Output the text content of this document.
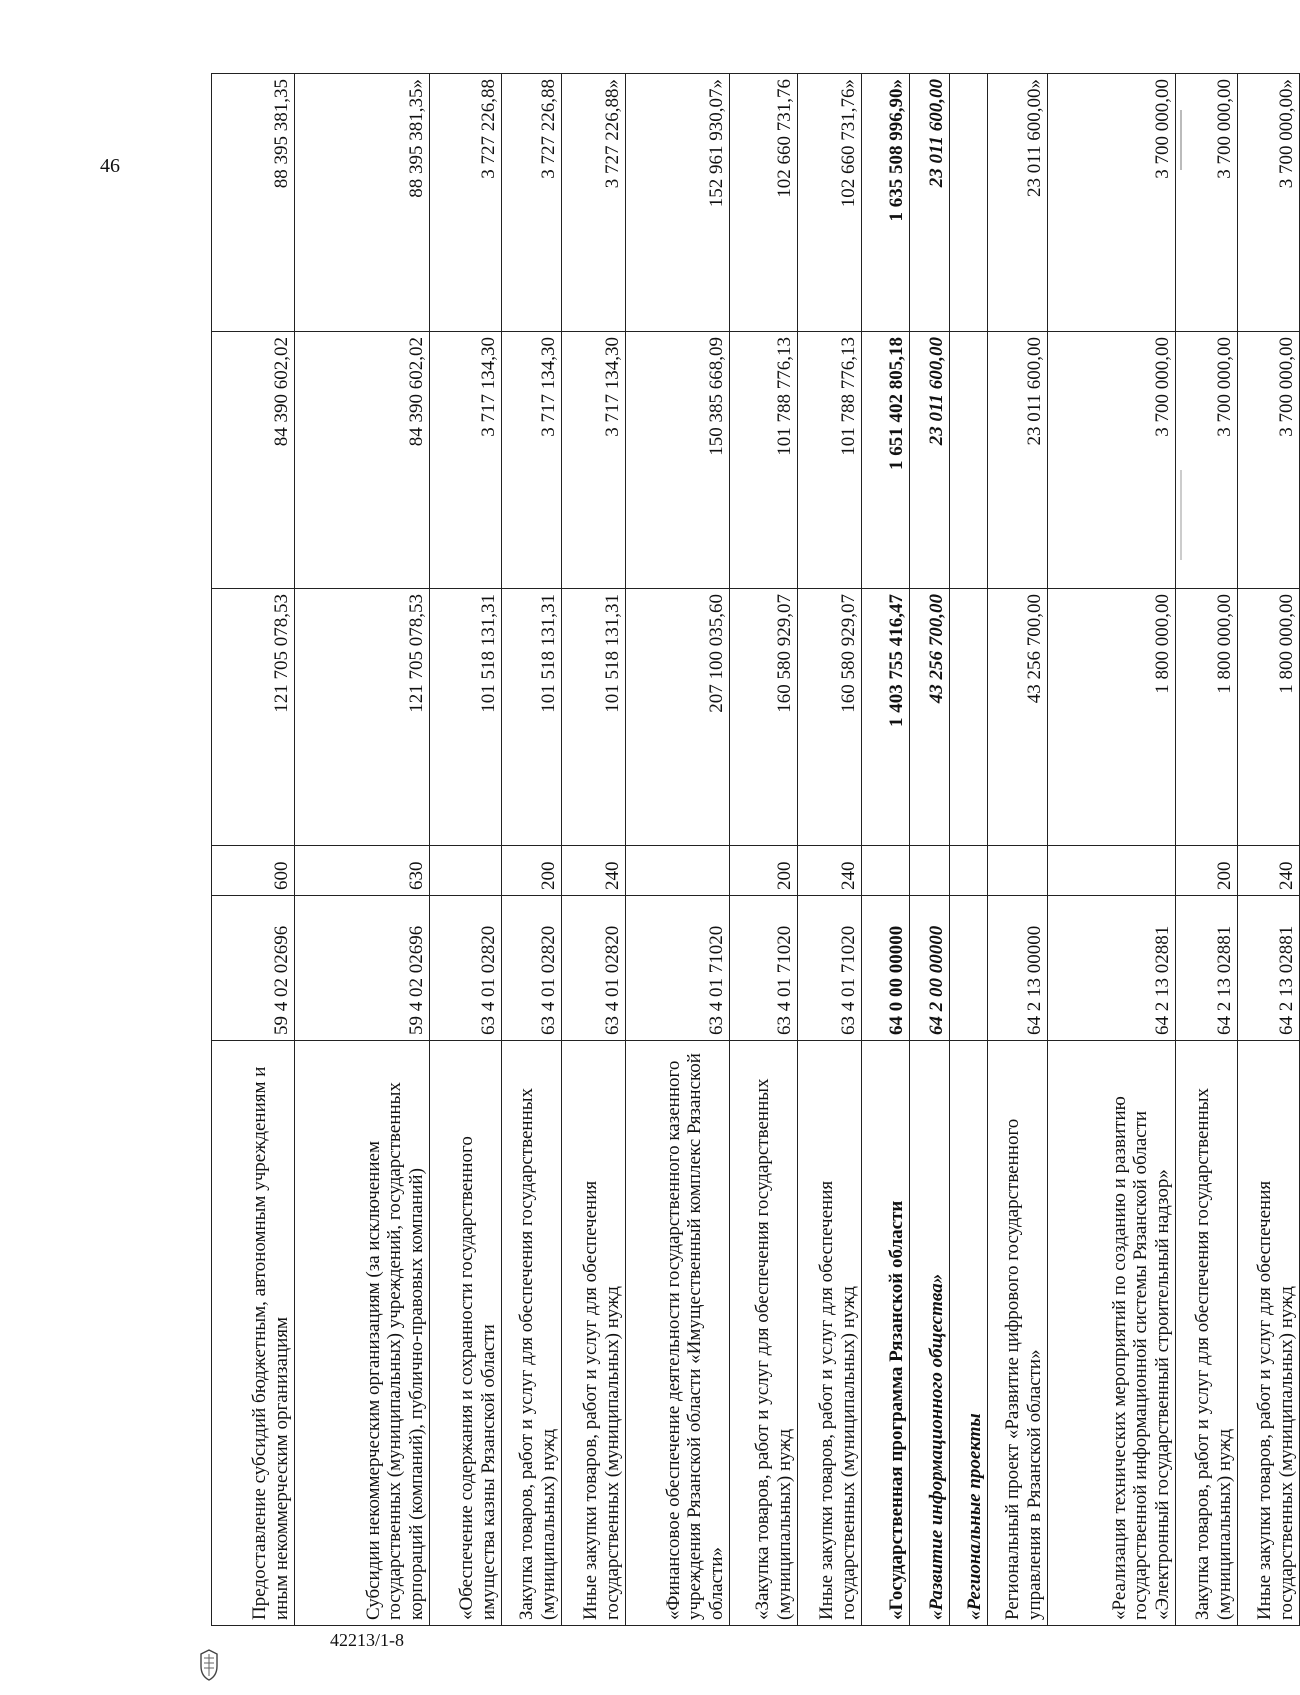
46
42213/1-8
Предоставление субсидий бюджетным, автономным учреждениям и иным некоммерческим организациям	59 4 02 02696	600	121 705 078,53	84 390 602,02	88 395 381,35
Субсидии некоммерческим организациям (за исключением государственных (муниципальных) учреждений, государственных корпораций (компаний), публично-правовых компаний)	59 4 02 02696	630	121 705 078,53	84 390 602,02	88 395 381,35»
«Обеспечение содержания и сохранности государственного имущества казны Рязанской области	63 4 01 02820		101 518 131,31	3 717 134,30	3 727 226,88
Закупка товаров, работ и услуг для обеспечения государственных (муниципальных) нужд	63 4 01 02820	200	101 518 131,31	3 717 134,30	3 727 226,88
Иные закупки товаров, работ и услуг для обеспечения государственных (муниципальных) нужд	63 4 01 02820	240	101 518 131,31	3 717 134,30	3 727 226,88»
«Финансовое обеспечение деятельности государственного казенного учреждения Рязанской области «Имущественный комплекс Рязанской области»	63 4 01 71020		207 100 035,60	150 385 668,09	152 961 930,07»
«Закупка товаров, работ и услуг для обеспечения государственных (муниципальных) нужд	63 4 01 71020	200	160 580 929,07	101 788 776,13	102 660 731,76
Иные закупки товаров, работ и услуг для обеспечения государственных (муниципальных) нужд	63 4 01 71020	240	160 580 929,07	101 788 776,13	102 660 731,76»
«Государственная программа Рязанской области	64 0 00 00000		1 403 755 416,47	1 651 402 805,18	1 635 508 996,90»
«Развитие информационного общества»	64 2 00 00000		43 256 700,00	23 011 600,00	23 011 600,00
«Региональные проекты					
Региональный проект «Развитие цифрового государственного управления в Рязанской области»	64 2 13 00000		43 256 700,00	23 011 600,00	23 011 600,00»
«Реализация технических мероприятий по созданию и развитию государственной информационной системы Рязанской области «Электронный государственный строительный надзор»	64 2 13 02881		1 800 000,00	3 700 000,00	3 700 000,00
Закупка товаров, работ и услуг для обеспечения государственных (муниципальных) нужд	64 2 13 02881	200	1 800 000,00	3 700 000,00	3 700 000,00
Иные закупки товаров, работ и услуг для обеспечения государственных (муниципальных) нужд	64 2 13 02881	240	1 800 000,00	3 700 000,00	3 700 000,00»
